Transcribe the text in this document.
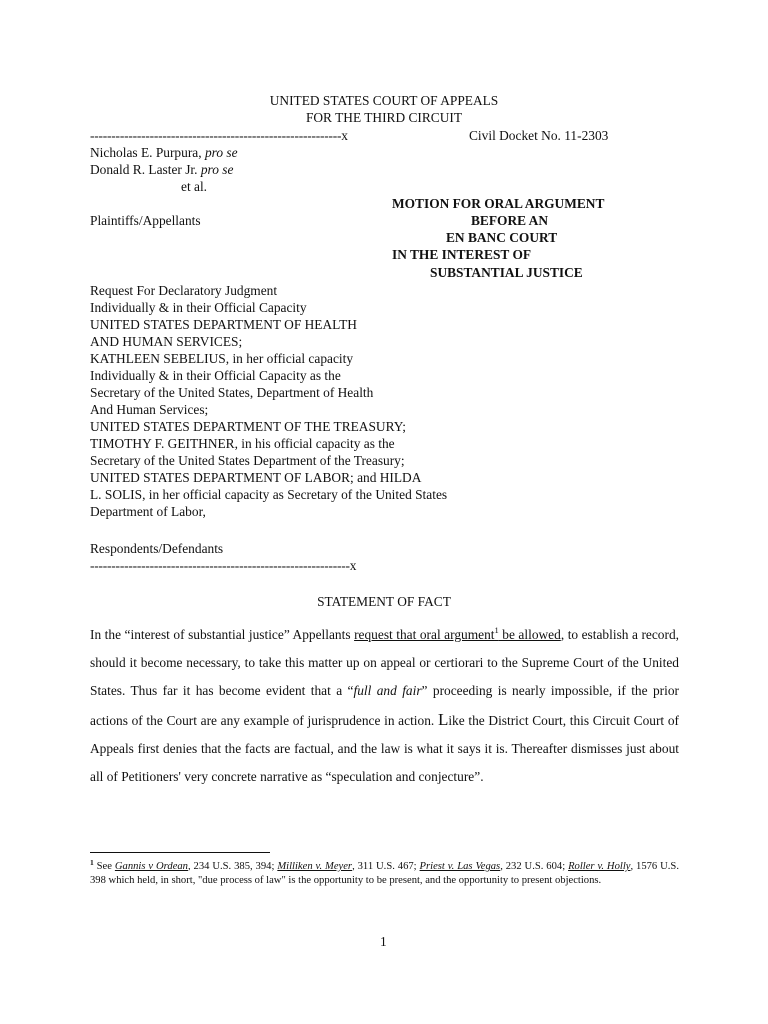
UNITED STATES COURT OF APPEALS
FOR THE THIRD CIRCUIT
-----------------------------------------------------------x	Civil Docket No. 11-2303
Nicholas E. Purpura, pro se
Donald R. Laster Jr. pro se
et al.
Plaintiffs/Appellants
MOTION FOR ORAL ARGUMENT
BEFORE AN
EN BANC COURT
IN THE INTEREST OF
SUBSTANTIAL JUSTICE
Request For Declaratory Judgment
Individually & in their Official Capacity
UNITED STATES DEPARTMENT OF HEALTH
AND HUMAN SERVICES;
KATHLEEN SEBELIUS, in her official capacity
Individually & in their Official Capacity as the
Secretary of the United States, Department of Health
And Human Services;
UNITED STATES DEPARTMENT OF THE TREASURY;
TIMOTHY F. GEITHNER, in his official capacity as the
Secretary of the United States Department of the Treasury;
UNITED STATES DEPARTMENT OF LABOR; and HILDA
L. SOLIS, in her official capacity as Secretary of the United States
Department of Labor,
Respondents/Defendants
-------------------------------------------------------------x
STATEMENT OF FACT
In the “interest of substantial justice” Appellants request that oral argument$^1$ be allowed, to establish a record, should it become necessary, to take this matter up on appeal or certiorari to the Supreme Court of the United States. Thus far it has become evident that a “full and fair” proceeding is nearly impossible, if the prior actions of the Court are any example of jurisprudence in action. Like the District Court, this Circuit Court of Appeals first denies that the facts are factual, and the law is what it says it is. Thereafter dismisses just about all of Petitioners' very concrete narrative as “speculation and conjecture”.
$^1$ See Gannis v Ordean, 234 U.S. 385, 394; Milliken v. Meyer, 311 U.S. 467; Priest v. Las Vegas, 232 U.S. 604; Roller v. Holly, 1576 U.S. 398 which held, in short, "due process of law" is the opportunity to be present, and the opportunity to present objections.
1
